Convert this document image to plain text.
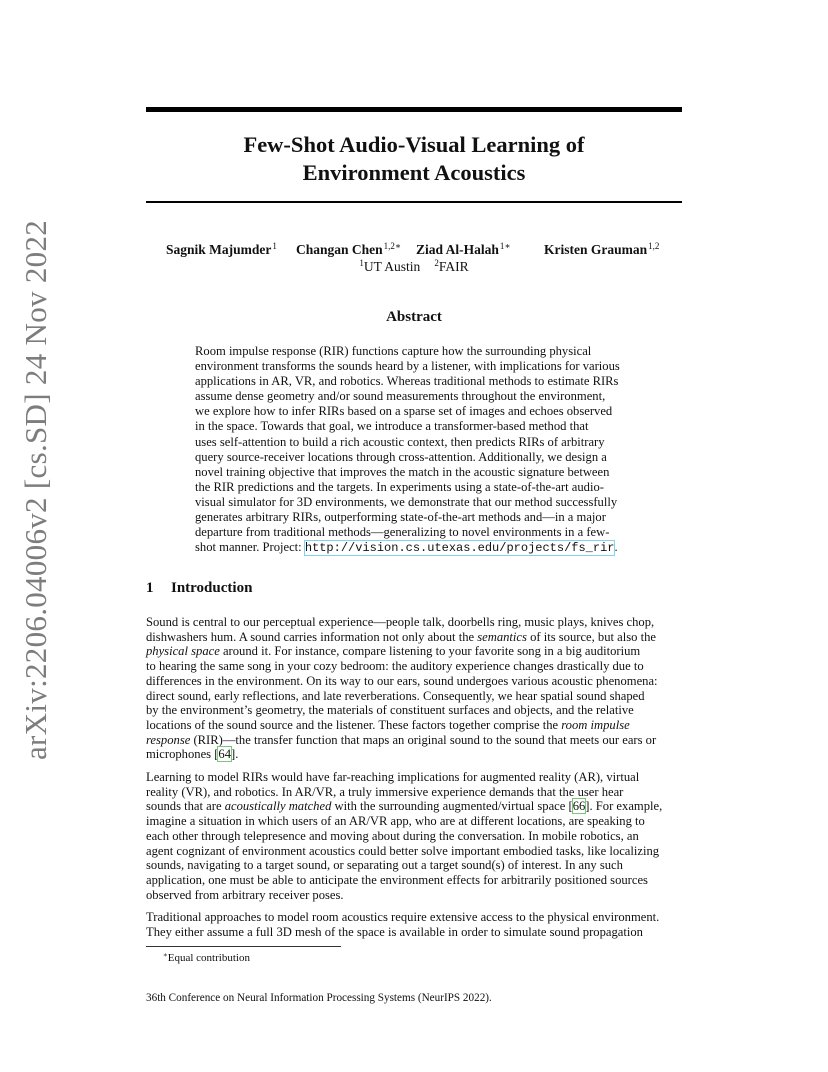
arXiv:2206.04006v2 [cs.SD] 24 Nov 2022
Few-Shot Audio-Visual Learning of
Environment Acoustics
Sagnik Majumder$^1$ Changan Chen$^{1,2∗}$ Ziad Al-Halah$^{1∗}$ Kristen Grauman$^{1,2}$
$^1$UT Austin $^2$FAIR
Abstract
Room impulse response (RIR) functions capture how the surrounding physical
environment transforms the sounds heard by a listener, with implications for various
applications in AR, VR, and robotics. Whereas traditional methods to estimate RIRs
assume dense geometry and/or sound measurements throughout the environment,
we explore how to infer RIRs based on a sparse set of images and echoes observed
in the space. Towards that goal, we introduce a transformer-based method that
uses self-attention to build a rich acoustic context, then predicts RIRs of arbitrary
query source-receiver locations through cross-attention. Additionally, we design a
novel training objective that improves the match in the acoustic signature between
the RIR predictions and the targets. In experiments using a state-of-the-art audio-
visual simulator for 3D environments, we demonstrate that our method successfully
generates arbitrary RIRs, outperforming state-of-the-art methods and—in a major
departure from traditional methods—generalizing to novel environments in a few-
shot manner. Project: http://vision.cs.utexas.edu/projects/fs_rir.
1 Introduction
Sound is central to our perceptual experience—people talk, doorbells ring, music plays, knives chop,
dishwashers hum. A sound carries information not only about the semantics of its source, but also the
physical space around it. For instance, compare listening to your favorite song in a big auditorium
to hearing the same song in your cozy bedroom: the auditory experience changes drastically due to
differences in the environment. On its way to our ears, sound undergoes various acoustic phenomena:
direct sound, early reflections, and late reverberations. Consequently, we hear spatial sound shaped
by the environment’s geometry, the materials of constituent surfaces and objects, and the relative
locations of the sound source and the listener. These factors together comprise the room impulse
response (RIR)—the transfer function that maps an original sound to the sound that meets our ears or
microphones [64].
Learning to model RIRs would have far-reaching implications for augmented reality (AR), virtual
reality (VR), and robotics. In AR/VR, a truly immersive experience demands that the user hear
sounds that are acoustically matched with the surrounding augmented/virtual space [66]. For example,
imagine a situation in which users of an AR/VR app, who are at different locations, are speaking to
each other through telepresence and moving about during the conversation. In mobile robotics, an
agent cognizant of environment acoustics could better solve important embodied tasks, like localizing
sounds, navigating to a target sound, or separating out a target sound(s) of interest. In any such
application, one must be able to anticipate the environment effects for arbitrarily positioned sources
observed from arbitrary receiver poses.
Traditional approaches to model room acoustics require extensive access to the physical environment.
They either assume a full 3D mesh of the space is available in order to simulate sound propagation
∗Equal contribution
36th Conference on Neural Information Processing Systems (NeurIPS 2022).
